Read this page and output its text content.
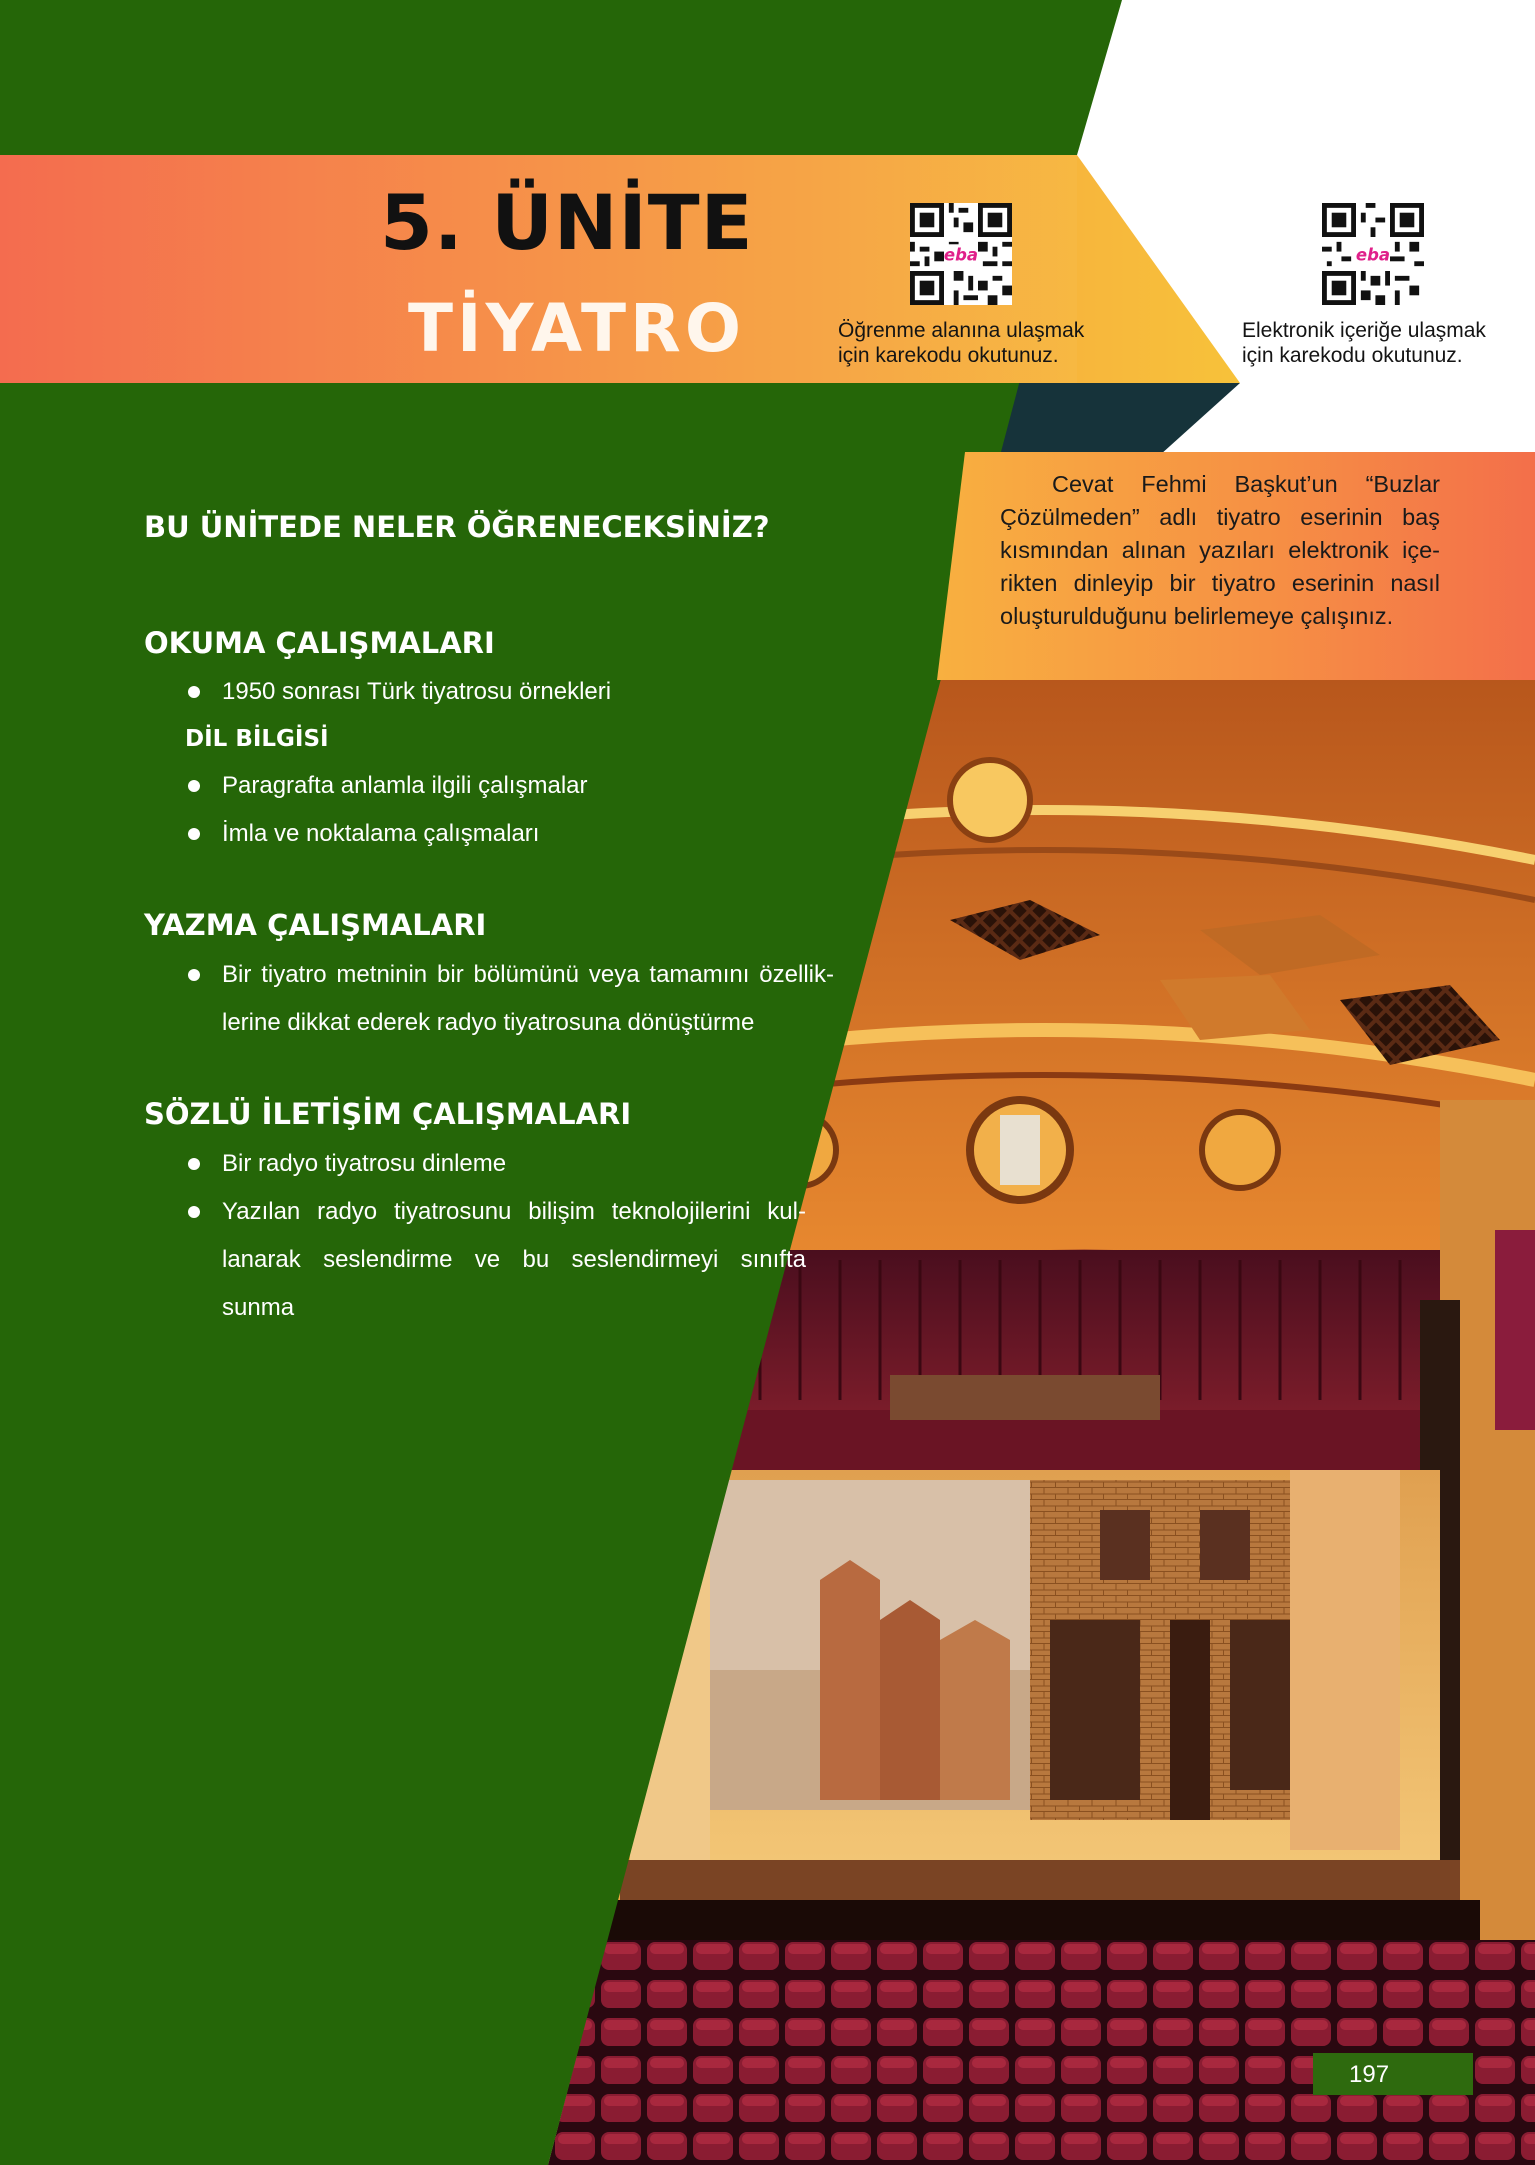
5. ÜNİTE
TİYATRO
eba
Öğrenme alanına ulaşmak
için karekodu okutunuz.
eba
Elektronik içeriğe ulaşmak
için karekodu okutunuz.
Cevat Fehmi Başkut’un “Buzlar Çözülmeden” adlı tiyatro eserinin baş kısmından alınan yazıları elektronik içerikten dinleyip bir tiyatro eserinin nasıl oluşturulduğunu belirlemeye çalışınız.
BU ÜNİTEDE NELER ÖĞRENECEKSİNİZ?
OKUMA ÇALIŞMALARI
1950 sonrası Türk tiyatrosu örnekleri
DİL BİLGİSİ
Paragrafta anlamla ilgili çalışmalar
İmla ve noktalama çalışmaları
YAZMA ÇALIŞMALARI
Bir tiyatro metninin bir bölümünü veya tamamını özelliklerine dikkat ederek radyo tiyatrosuna dönüştürme
SÖZLÜ İLETİŞİM ÇALIŞMALARI
Bir radyo tiyatrosu dinleme
Yazılan radyo tiyatrosunu bilişim teknolojilerini kullanarak seslendirme ve bu seslendirmeyi sınıfta sunma
197
